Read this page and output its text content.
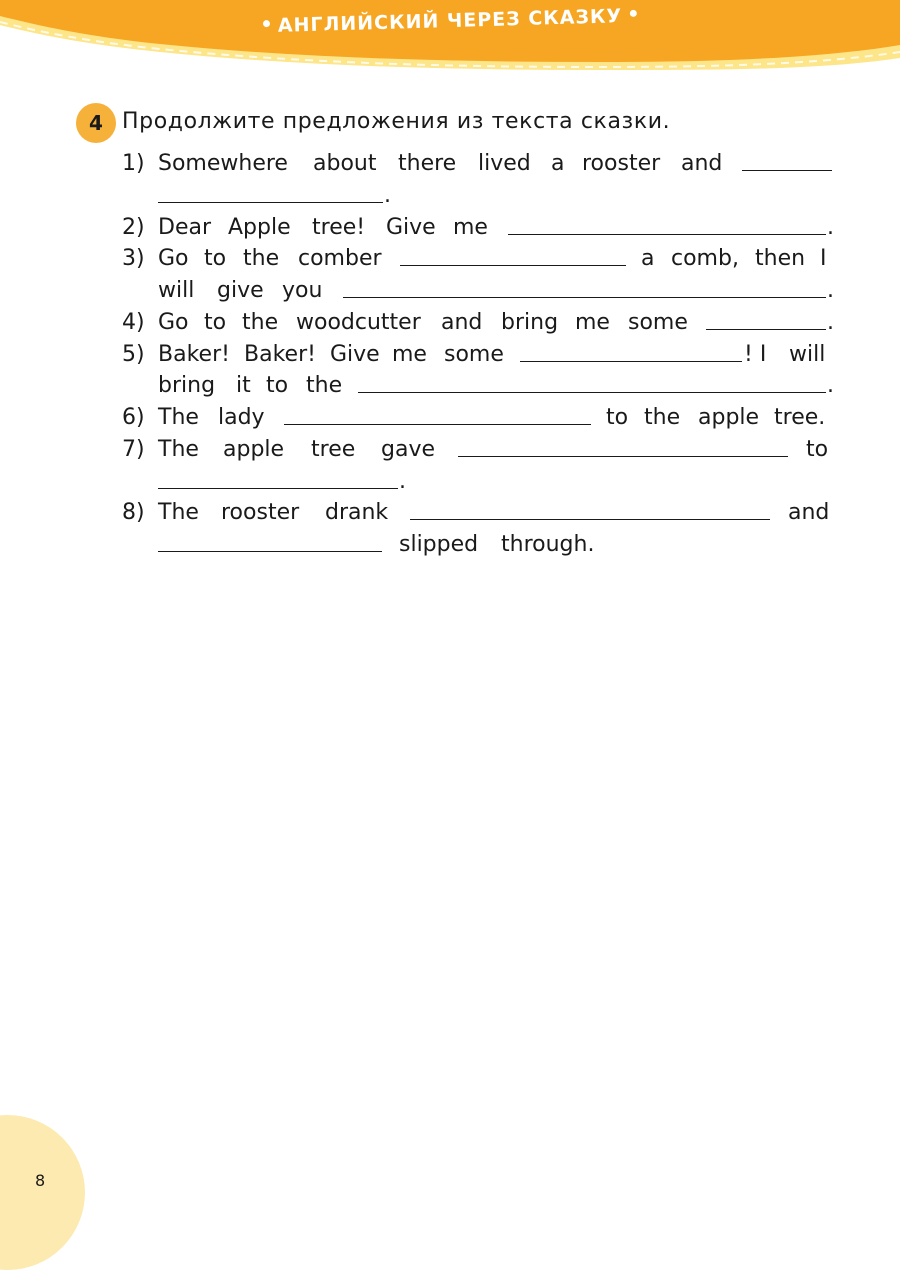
АНГЛИЙСКИЙ ЧЕРЕЗ СКАЗКУ
4 Продолжите предложения из текста сказки.
1) Somewhere about there lived a rooster and
.
2) Dear Apple tree! Give me	.
3) Go to the comber	a comb, then I
will give you	.
4) Go to the woodcutter and bring me some	.
5) Baker! Baker! Give me some	! I will
bring it to the	.
6) The lady	to the apple tree.
7) The apple tree gave	to
.
8) The rooster drank	and
slipped through.
8
